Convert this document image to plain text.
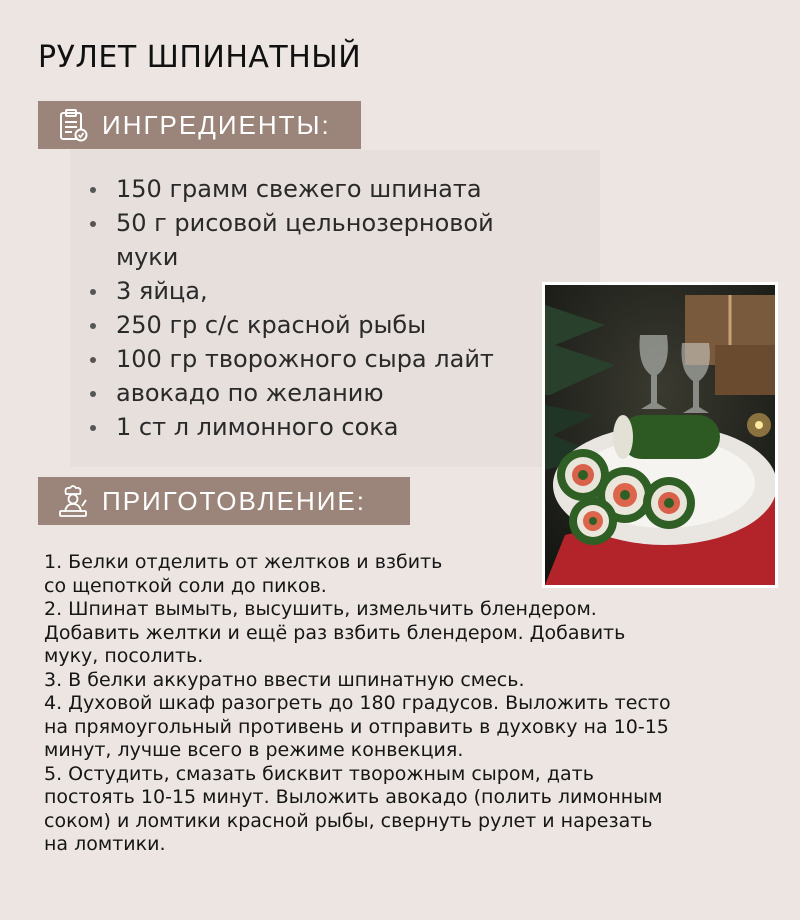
РУЛЕТ ШПИНАТНЫЙ
ИНГРЕДИЕНТЫ:
150 грамм свежего шпината
50 г рисовой цельнозерновой муки
3 яйца,
250 гр с/с красной рыбы
100 гр творожного сыра лайт
авокадо по желанию
1 ст л лимонного сока
ПРИГОТОВЛЕНИЕ:
1. Белки отделить от желтков и взбить
со щепоткой соли до пиков.
2. Шпинат вымыть, высушить, измельчить блендером.
Добавить желтки и ещё раз взбить блендером. Добавить
муку, посолить.
3. В белки аккуратно ввести шпинатную смесь.
4. Духовой шкаф разогреть до 180 градусов. Выложить тесто
на прямоугольный противень и отправить в духовку на 10-15
минут, лучше всего в режиме конвекция.
5. Остудить, смазать бисквит творожным сыром, дать
постоять 10-15 минут. Выложить авокадо (полить лимонным
соком) и ломтики красной рыбы, свернуть рулет и нарезать
на ломтики.
